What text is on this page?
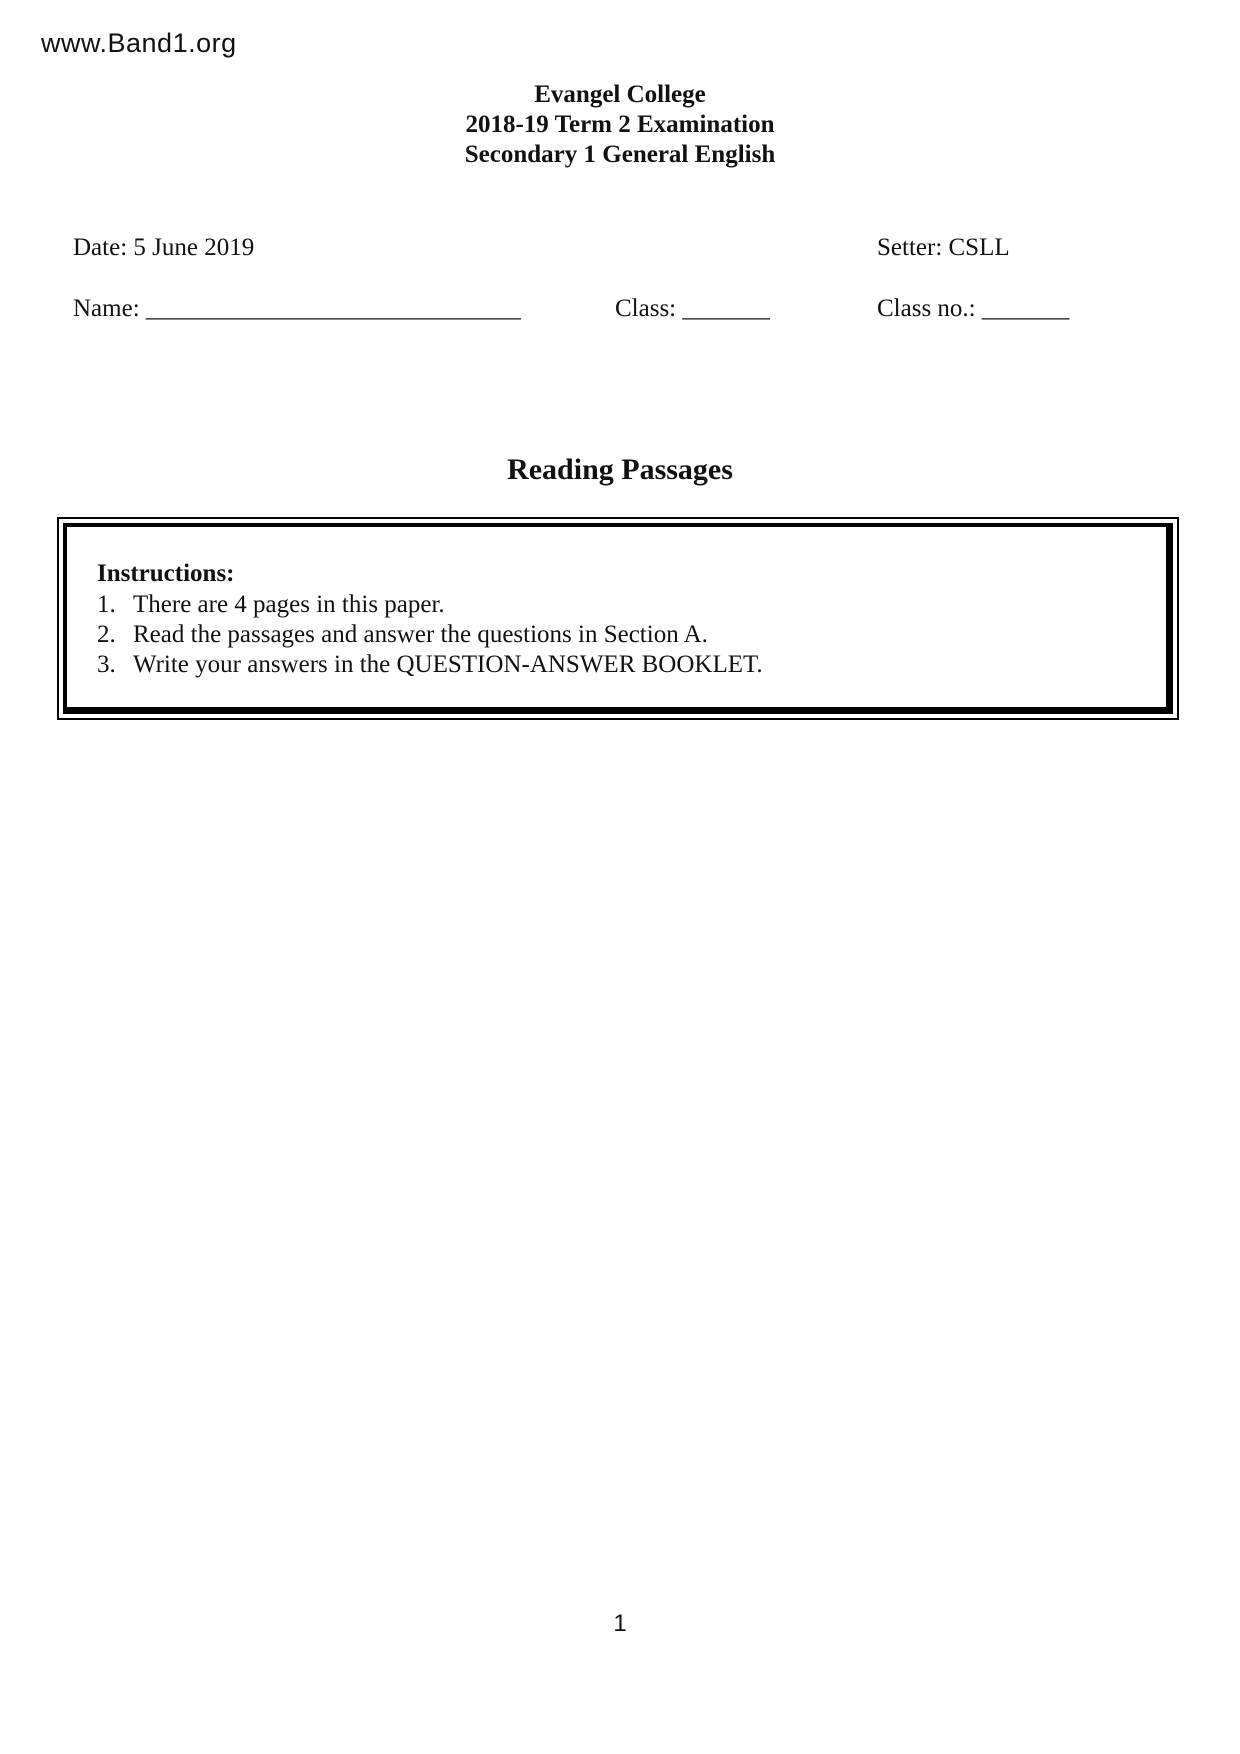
www.Band1.org
Evangel College
2018-19 Term 2 Examination
Secondary 1 General English
Date: 5 June 2019	Setter: CSLL
Name: ______________________________	Class: _______	Class no.: _______
Reading Passages
Instructions:
1. There are 4 pages in this paper.
2. Read the passages and answer the questions in Section A.
3. Write your answers in the QUESTION-ANSWER BOOKLET.
1
